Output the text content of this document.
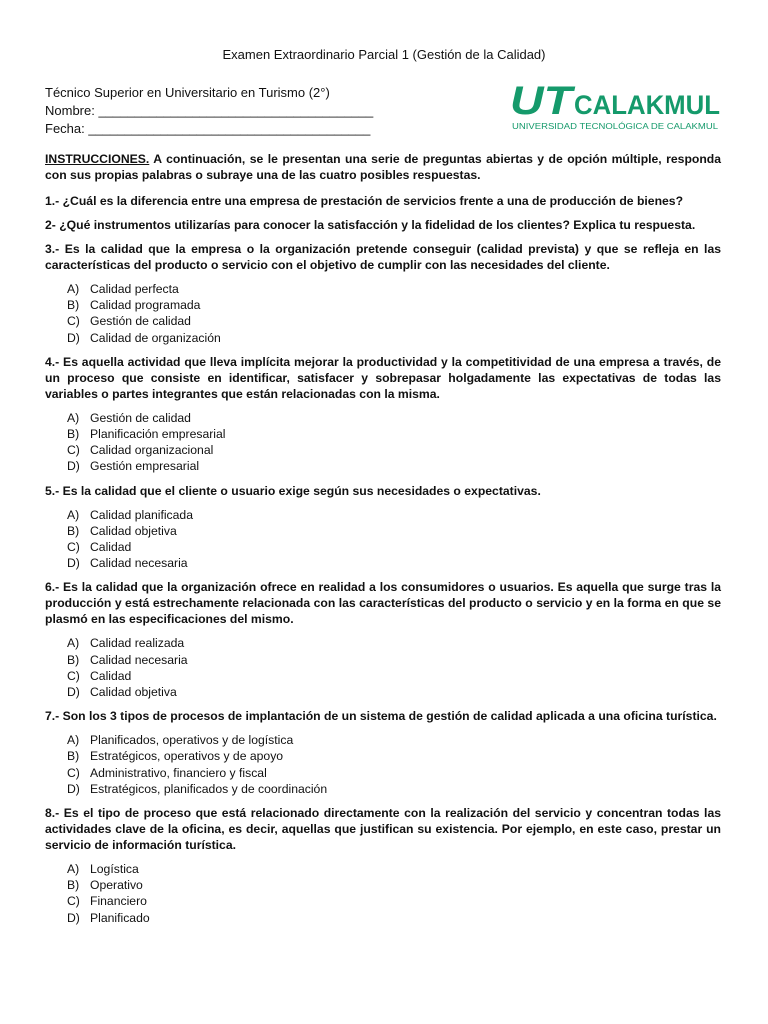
Examen Extraordinario Parcial 1 (Gestión de la Calidad)
Técnico Superior en Universitario en Turismo (2°)
Nombre: ______________________________________
Fecha: _______________________________________
UT
CALAKMUL
UNIVERSIDAD TECNOLÓGICA DE CALAKMUL

INSTRUCCIONES. A continuación, se le presentan una serie de preguntas abiertas y de opción múltiple, responda con sus propias palabras o subraye una de las cuatro posibles respuestas.

1.- ¿Cuál es la diferencia entre una empresa de prestación de servicios frente a una de producción de bienes?

2- ¿Qué instrumentos utilizarías para conocer la satisfacción y la fidelidad de los clientes? Explica tu respuesta.

3.- Es la calidad que la empresa o la organización pretende conseguir (calidad prevista) y que se refleja en las características del producto o servicio con el objetivo de cumplir con las necesidades del cliente.

A) Calidad perfecta
B) Calidad programada
C) Gestión de calidad
D) Calidad de organización

4.- Es aquella actividad que lleva implícita mejorar la productividad y la competitividad de una empresa a través, de un proceso que consiste en identificar, satisfacer y sobrepasar holgadamente las expectativas de todas las variables o partes integrantes que están relacionadas con la misma.

A) Gestión de calidad
B) Planificación empresarial
C) Calidad organizacional
D) Gestión empresarial

5.- Es la calidad que el cliente o usuario exige según sus necesidades o expectativas.

A) Calidad planificada
B) Calidad objetiva
C) Calidad
D) Calidad necesaria

6.- Es la calidad que la organización ofrece en realidad a los consumidores o usuarios. Es aquella que surge tras la producción y está estrechamente relacionada con las características del producto o servicio y en la forma en que se plasmó en las especificaciones del mismo.

A) Calidad realizada
B) Calidad necesaria
C) Calidad
D) Calidad objetiva

7.- Son los 3 tipos de procesos de implantación de un sistema de gestión de calidad aplicada a una oficina turística.

A) Planificados, operativos y de logística
B) Estratégicos, operativos y de apoyo
C) Administrativo, financiero y fiscal
D) Estratégicos, planificados y de coordinación

8.- Es el tipo de proceso que está relacionado directamente con la realización del servicio y concentran todas las actividades clave de la oficina, es decir, aquellas que justifican su existencia. Por ejemplo, en este caso, prestar un servicio de información turística.

A) Logística
B) Operativo
C) Financiero
D) Planificado
